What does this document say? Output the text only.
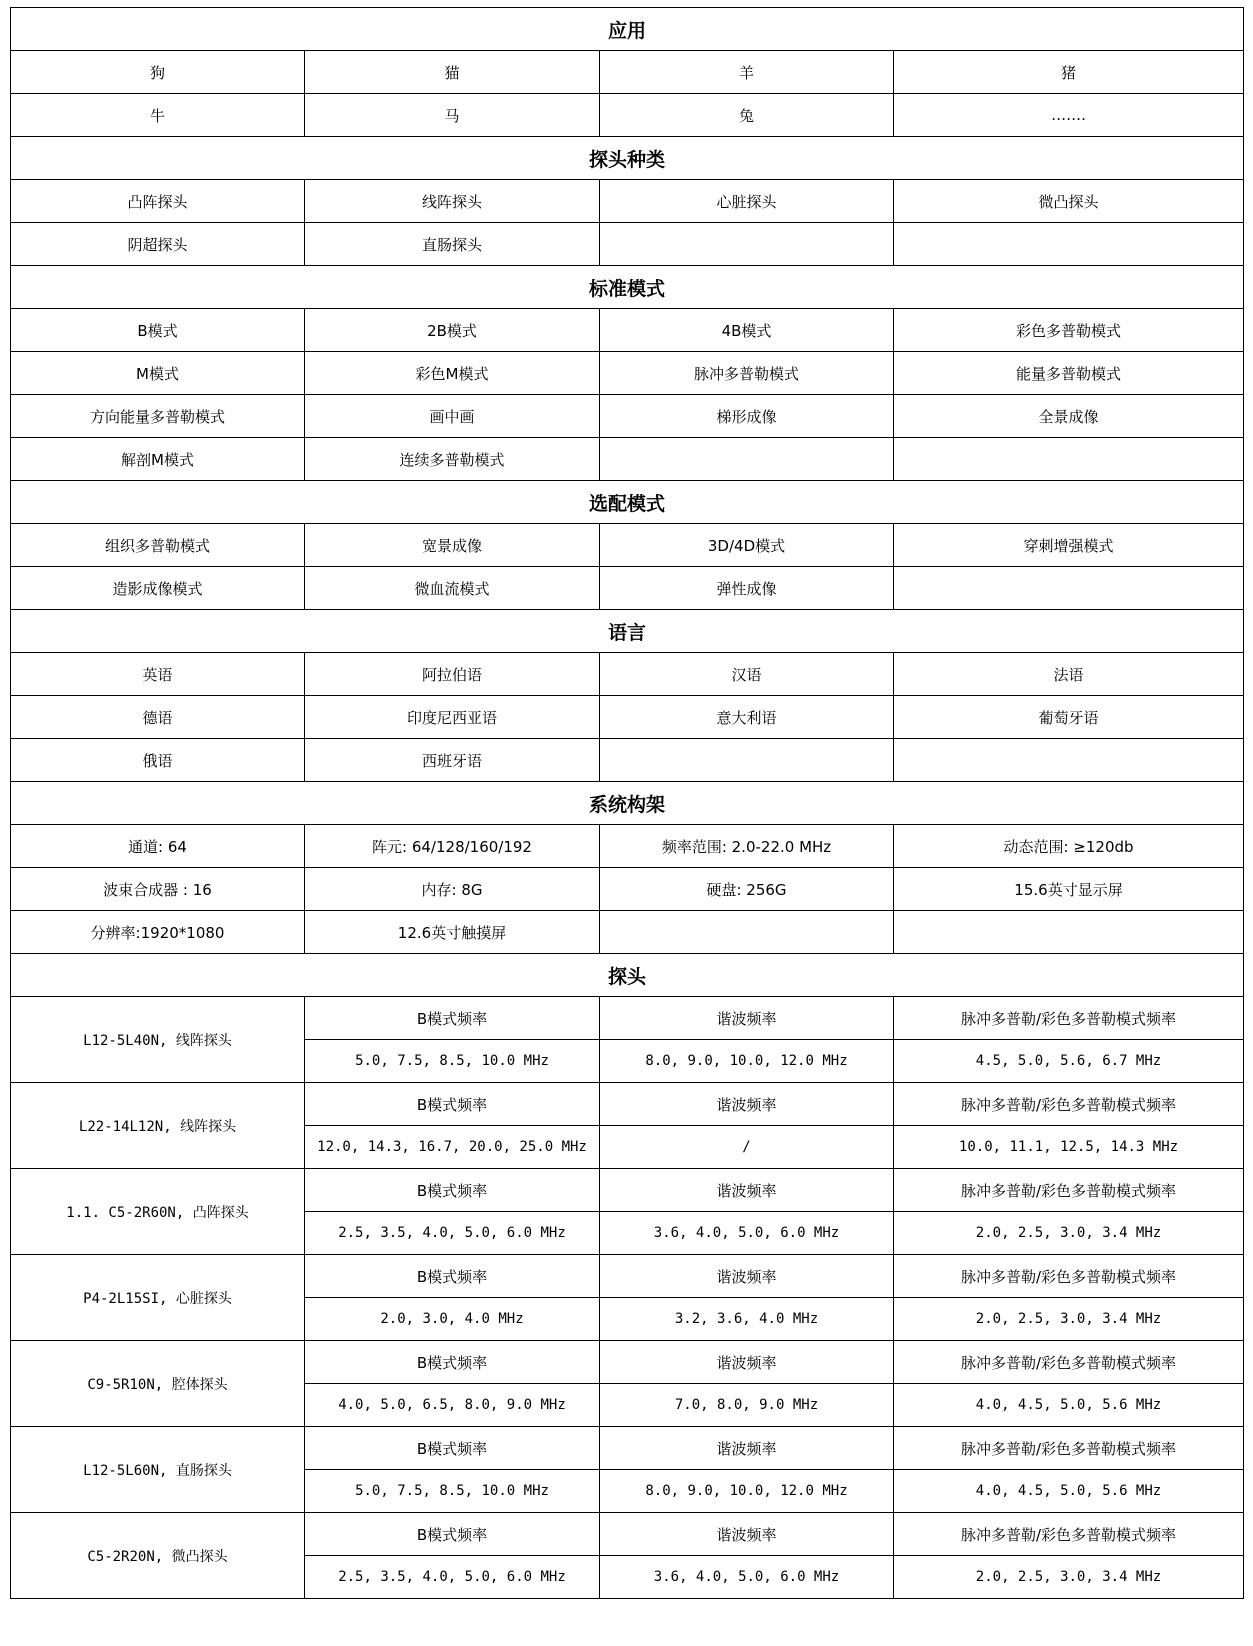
应用			
狗	猫	羊	猪
牛	马	兔	…….
探头种类			
凸阵探头	线阵探头	心脏探头	微凸探头
阴超探头	直肠探头		
标准模式			
B模式	2B模式	4B模式	彩色多普勒模式
M模式	彩色M模式	脉冲多普勒模式	能量多普勒模式
方向能量多普勒模式	画中画	梯形成像	全景成像
解剖M模式	连续多普勒模式		
选配模式			
组织多普勒模式	宽景成像	3D/4D模式	穿刺增强模式
造影成像模式	微血流模式	弹性成像	
语言			
英语	阿拉伯语	汉语	法语
德语	印度尼西亚语	意大利语	葡萄牙语
俄语	西班牙语		
系统构架			
通道: 64	阵元: 64/128/160/192	频率范围: 2.0-22.0 MHz	动态范围: ≥120db
波束合成器 : 16	内存: 8G	硬盘: 256G	15.6英寸显示屏
分辨率:1920*1080	12.6英寸触摸屏		
探头			
L12-5L40N, 线阵探头	B模式频率	谐波频率	脉冲多普勒/彩色多普勒模式频率
	5.0, 7.5, 8.5, 10.0 MHz	8.0, 9.0, 10.0, 12.0 MHz	4.5, 5.0, 5.6, 6.7 MHz
L22-14L12N, 线阵探头	B模式频率	谐波频率	脉冲多普勒/彩色多普勒模式频率
	12.0, 14.3, 16.7, 20.0, 25.0 MHz	/	10.0, 11.1, 12.5, 14.3 MHz
1.1. C5-2R60N, 凸阵探头	B模式频率	谐波频率	脉冲多普勒/彩色多普勒模式频率
	2.5, 3.5, 4.0, 5.0, 6.0 MHz	3.6, 4.0, 5.0, 6.0 MHz	2.0, 2.5, 3.0, 3.4 MHz
P4-2L15SI, 心脏探头	B模式频率	谐波频率	脉冲多普勒/彩色多普勒模式频率
	2.0, 3.0, 4.0 MHz	3.2, 3.6, 4.0 MHz	2.0, 2.5, 3.0, 3.4 MHz
C9-5R10N, 腔体探头	B模式频率	谐波频率	脉冲多普勒/彩色多普勒模式频率
	4.0, 5.0, 6.5, 8.0, 9.0 MHz	7.0, 8.0, 9.0 MHz	4.0, 4.5, 5.0, 5.6 MHz
L12-5L60N, 直肠探头	B模式频率	谐波频率	脉冲多普勒/彩色多普勒模式频率
	5.0, 7.5, 8.5, 10.0 MHz	8.0, 9.0, 10.0, 12.0 MHz	4.0, 4.5, 5.0, 5.6 MHz
C5-2R20N, 微凸探头	B模式频率	谐波频率	脉冲多普勒/彩色多普勒模式频率
	2.5, 3.5, 4.0, 5.0, 6.0 MHz	3.6, 4.0, 5.0, 6.0 MHz	2.0, 2.5, 3.0, 3.4 MHz
